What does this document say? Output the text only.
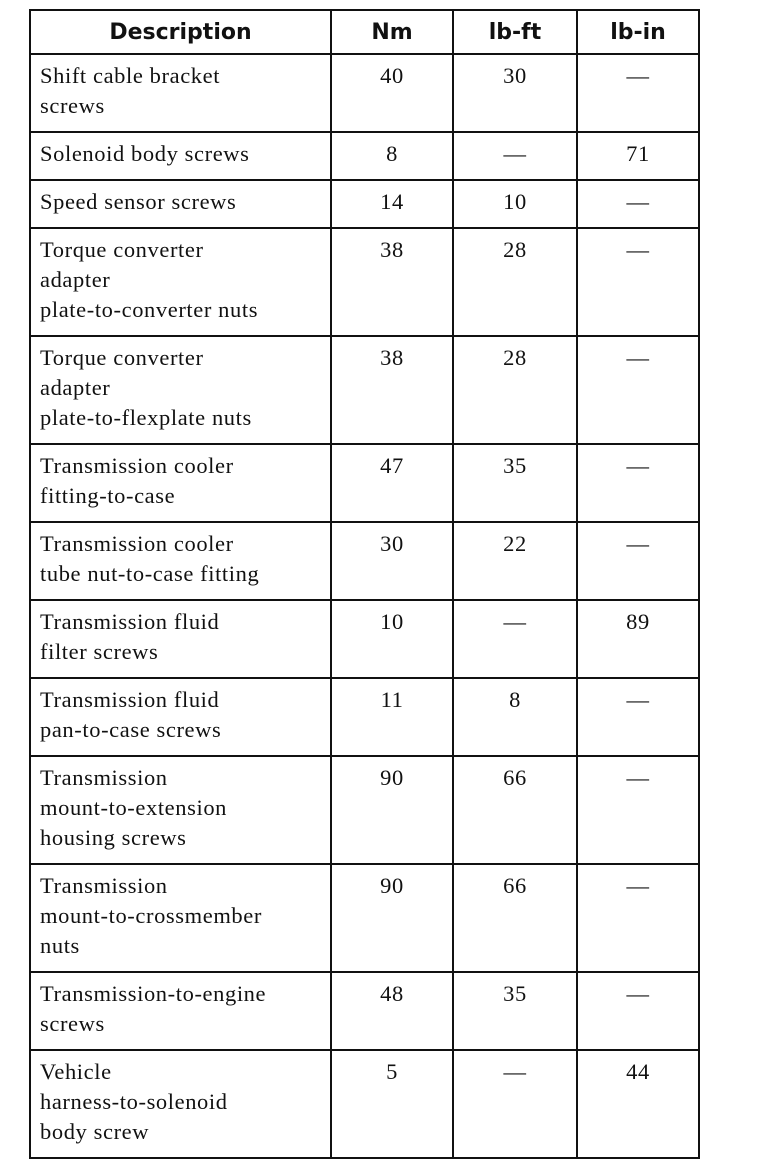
Description	Nm	lb-ft	lb-in

Shift cable bracket
screws	40	30	—

Solenoid body screws	8	—	71

Speed sensor screws	14	10	—

Torque converter
adapter
plate-to-converter nuts	38	28	—

Torque converter
adapter
plate-to-flexplate nuts	38	28	—

Transmission cooler
fitting-to-case	47	35	—

Transmission cooler
tube nut-to-case fitting	30	22	—

Transmission fluid
filter screws	10	—	89

Transmission fluid
pan-to-case screws	11	8	—

Transmission
mount-to-extension
housing screws	90	66	—

Transmission
mount-to-crossmember
nuts	90	66	—

Transmission-to-engine
screws	48	35	—

Vehicle
harness-to-solenoid
body screw	5	—	44
